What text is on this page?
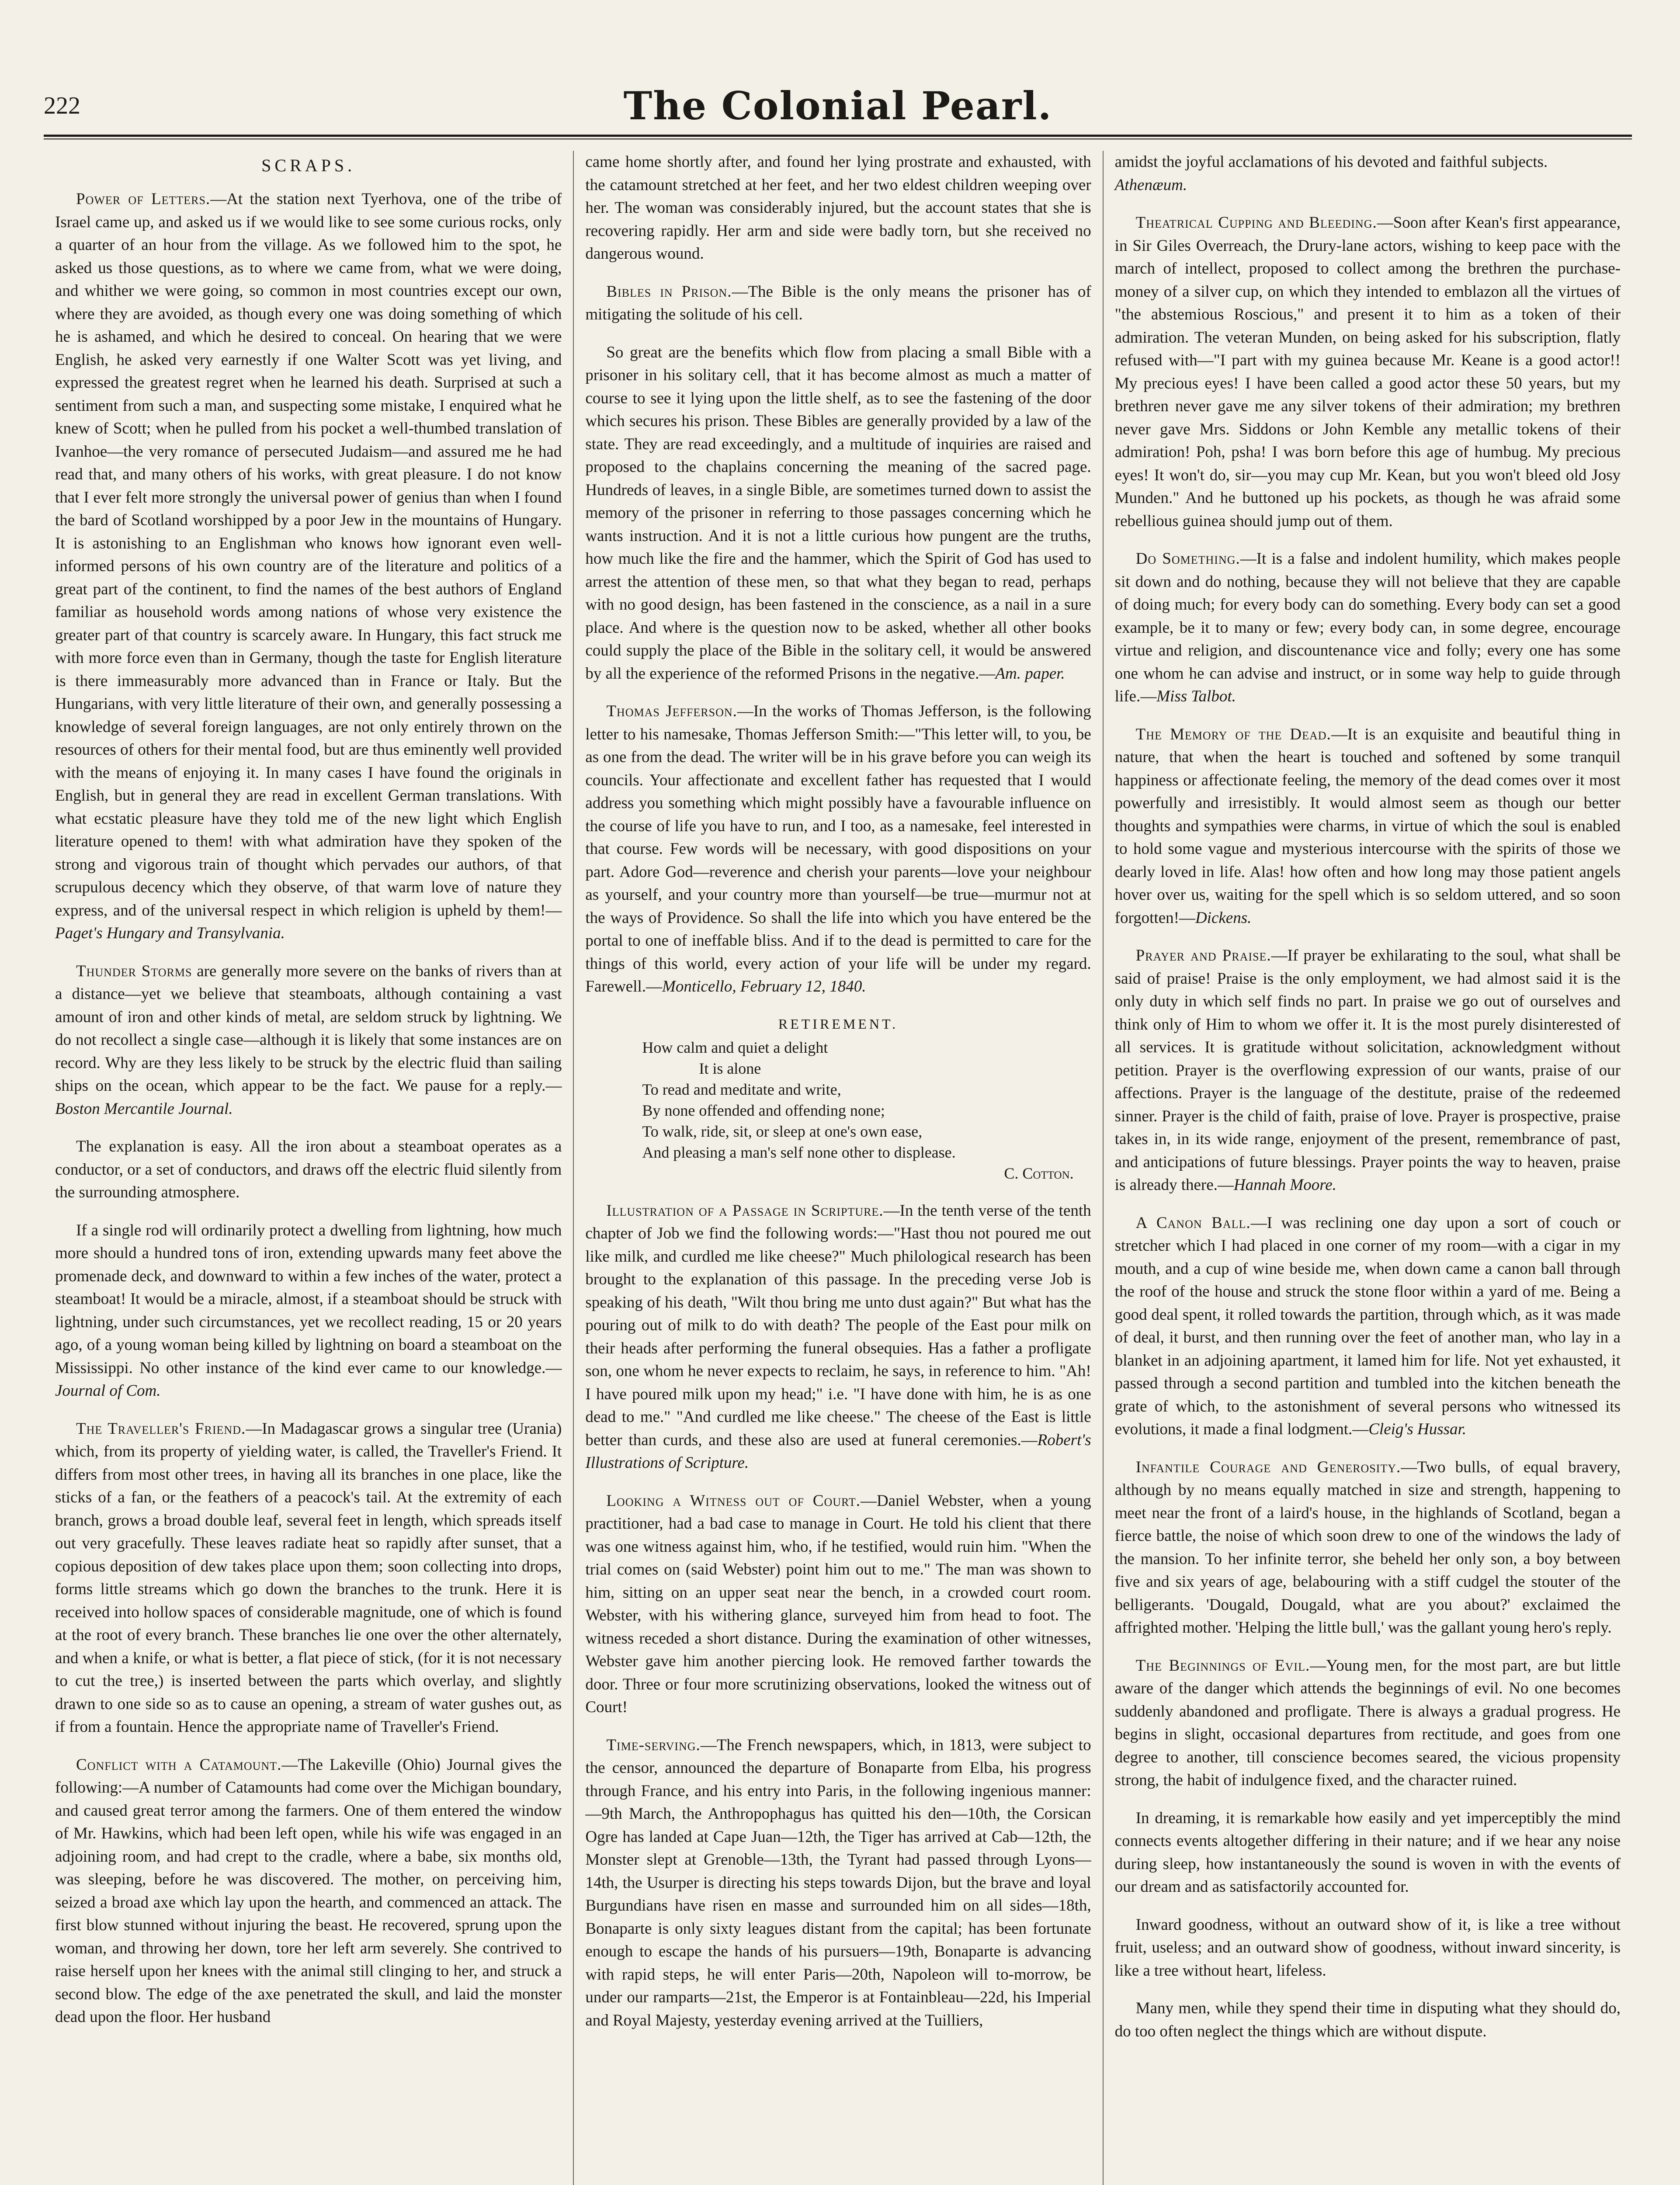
222	The Colonial Pearl.
SCRAPS.

Power of Letters.—At the station next Tyerhova, one of the tribe of Israel came up, and asked us if we would like to see some curious rocks, only a quarter of an hour from the village. As we followed him to the spot, he asked us those questions, as to where we came from, what we were doing, and whither we were going, so common in most countries except our own, where they are avoided, as though every one was doing something of which he is ashamed, and which he desired to conceal. On hearing that we were English, he asked very earnestly if one Walter Scott was yet living, and expressed the greatest regret when he learned his death. Surprised at such a sentiment from such a man, and suspecting some mistake, I enquired what he knew of Scott; when he pulled from his pocket a well-thumbed translation of Ivanhoe—the very romance of persecuted Judaism—and assured me he had read that, and many others of his works, with great pleasure. I do not know that I ever felt more strongly the universal power of genius than when I found the bard of Scotland worshipped by a poor Jew in the mountains of Hungary. It is astonishing to an Englishman who knows how ignorant even well-informed persons of his own country are of the literature and politics of a great part of the continent, to find the names of the best authors of England familiar as household words among nations of whose very existence the greater part of that country is scarcely aware. In Hungary, this fact struck me with more force even than in Germany, though the taste for English literature is there immeasurably more advanced than in France or Italy. But the Hungarians, with very little literature of their own, and generally possessing a knowledge of several foreign languages, are not only entirely thrown on the resources of others for their mental food, but are thus eminently well provided with the means of enjoying it. In many cases I have found the originals in English, but in general they are read in excellent German translations. With what ecstatic pleasure have they told me of the new light which English literature opened to them! with what admiration have they spoken of the strong and vigorous train of thought which pervades our authors, of that scrupulous decency which they observe, of that warm love of nature they express, and of the universal respect in which religion is upheld by them!—Paget's Hungary and Transylvania.

Thunder Storms are generally more severe on the banks of rivers than at a distance—yet we believe that steamboats, although containing a vast amount of iron and other kinds of metal, are seldom struck by lightning. We do not recollect a single case—although it is likely that some instances are on record. Why are they less likely to be struck by the electric fluid than sailing ships on the ocean, which appear to be the fact. We pause for a reply.—Boston Mercantile Journal.

The explanation is easy. All the iron about a steamboat operates as a conductor, or a set of conductors, and draws off the electric fluid silently from the surrounding atmosphere.

If a single rod will ordinarily protect a dwelling from lightning, how much more should a hundred tons of iron, extending upwards many feet above the promenade deck, and downward to within a few inches of the water, protect a steamboat! It would be a miracle, almost, if a steamboat should be struck with lightning, under such circumstances, yet we recollect reading, 15 or 20 years ago, of a young woman being killed by lightning on board a steamboat on the Mississippi. No other instance of the kind ever came to our knowledge.—Journal of Com.

The Traveller's Friend.—In Madagascar grows a singular tree (Urania) which, from its property of yielding water, is called, the Traveller's Friend. It differs from most other trees, in having all its branches in one place, like the sticks of a fan, or the feathers of a peacock's tail. At the extremity of each branch, grows a broad double leaf, several feet in length, which spreads itself out very gracefully. These leaves radiate heat so rapidly after sunset, that a copious deposition of dew takes place upon them; soon collecting into drops, forms little streams which go down the branches to the trunk. Here it is received into hollow spaces of considerable magnitude, one of which is found at the root of every branch. These branches lie one over the other alternately, and when a knife, or what is better, a flat piece of stick, (for it is not necessary to cut the tree,) is inserted between the parts which overlay, and slightly drawn to one side so as to cause an opening, a stream of water gushes out, as if from a fountain. Hence the appropriate name of Traveller's Friend.

Conflict with a Catamount.—The Lakeville (Ohio) Journal gives the following:—A number of Catamounts had come over the Michigan boundary, and caused great terror among the farmers. One of them entered the window of Mr. Hawkins, which had been left open, while his wife was engaged in an adjoining room, and had crept to the cradle, where a babe, six months old, was sleeping, before he was discovered. The mother, on perceiving him, seized a broad axe which lay upon the hearth, and commenced an attack. The first blow stunned without injuring the beast. He recovered, sprung upon the woman, and throwing her down, tore her left arm severely. She contrived to raise herself upon her knees with the animal still clinging to her, and struck a second blow. The edge of the axe penetrated the skull, and laid the monster dead upon the floor. Her husband

came home shortly after, and found her lying prostrate and exhausted, with the catamount stretched at her feet, and her two eldest children weeping over her. The woman was considerably injured, but the account states that she is recovering rapidly. Her arm and side were badly torn, but she received no dangerous wound.

Bibles in Prison.—The Bible is the only means the prisoner has of mitigating the solitude of his cell.

So great are the benefits which flow from placing a small Bible with a prisoner in his solitary cell, that it has become almost as much a matter of course to see it lying upon the little shelf, as to see the fastening of the door which secures his prison. These Bibles are generally provided by a law of the state. They are read exceedingly, and a multitude of inquiries are raised and proposed to the chaplains concerning the meaning of the sacred page. Hundreds of leaves, in a single Bible, are sometimes turned down to assist the memory of the prisoner in referring to those passages concerning which he wants instruction. And it is not a little curious how pungent are the truths, how much like the fire and the hammer, which the Spirit of God has used to arrest the attention of these men, so that what they began to read, perhaps with no good design, has been fastened in the conscience, as a nail in a sure place. And where is the question now to be asked, whether all other books could supply the place of the Bible in the solitary cell, it would be answered by all the experience of the reformed Prisons in the negative.—Am. paper.

Thomas Jefferson.—In the works of Thomas Jefferson, is the following letter to his namesake, Thomas Jefferson Smith:—"This letter will, to you, be as one from the dead. The writer will be in his grave before you can weigh its councils. Your affectionate and excellent father has requested that I would address you something which might possibly have a favourable influence on the course of life you have to run, and I too, as a namesake, feel interested in that course. Few words will be necessary, with good dispositions on your part. Adore God—reverence and cherish your parents—love your neighbour as yourself, and your country more than yourself—be true—murmur not at the ways of Providence. So shall the life into which you have entered be the portal to one of ineffable bliss. And if to the dead is permitted to care for the things of this world, every action of your life will be under my regard. Farewell.—Monticello, February 12, 1840.

RETIREMENT.
How calm and quiet a delight
It is alone
To read and meditate and write,
By none offended and offending none;
To walk, ride, sit, or sleep at one's own ease,
And pleasing a man's self none other to displease.
C. Cotton.

Illustration of a Passage in Scripture.—In the tenth verse of the tenth chapter of Job we find the following words:—"Hast thou not poured me out like milk, and curdled me like cheese?" Much philological research has been brought to the explanation of this passage. In the preceding verse Job is speaking of his death, "Wilt thou bring me unto dust again?" But what has the pouring out of milk to do with death? The people of the East pour milk on their heads after performing the funeral obsequies. Has a father a profligate son, one whom he never expects to reclaim, he says, in reference to him. "Ah! I have poured milk upon my head;" i.e. "I have done with him, he is as one dead to me." "And curdled me like cheese." The cheese of the East is little better than curds, and these also are used at funeral ceremonies.—Robert's Illustrations of Scripture.

Looking a Witness out of Court.—Daniel Webster, when a young practitioner, had a bad case to manage in Court. He told his client that there was one witness against him, who, if he testified, would ruin him. "When the trial comes on (said Webster) point him out to me." The man was shown to him, sitting on an upper seat near the bench, in a crowded court room. Webster, with his withering glance, surveyed him from head to foot. The witness receded a short distance. During the examination of other witnesses, Webster gave him another piercing look. He removed farther towards the door. Three or four more scrutinizing observations, looked the witness out of Court!

Time-serving.—The French newspapers, which, in 1813, were subject to the censor, announced the departure of Bonaparte from Elba, his progress through France, and his entry into Paris, in the following ingenious manner:—9th March, the Anthropophagus has quitted his den—10th, the Corsican Ogre has landed at Cape Juan—12th, the Tiger has arrived at Cab—12th, the Monster slept at Grenoble—13th, the Tyrant had passed through Lyons—14th, the Usurper is directing his steps towards Dijon, but the brave and loyal Burgundians have risen en masse and surrounded him on all sides—18th, Bonaparte is only sixty leagues distant from the capital; has been fortunate enough to escape the hands of his pursuers—19th, Bonaparte is advancing with rapid steps, he will enter Paris—20th, Napoleon will to-morrow, be under our ramparts—21st, the Emperor is at Fontainbleau—22d, his Imperial and Royal Majesty, yesterday evening arrived at the Tuilliers,

amidst the joyful acclamations of his devoted and faithful subjects.
Athenæum.

Theatrical Cupping and Bleeding.—Soon after Kean's first appearance, in Sir Giles Overreach, the Drury-lane actors, wishing to keep pace with the march of intellect, proposed to collect among the brethren the purchase-money of a silver cup, on which they intended to emblazon all the virtues of "the abstemious Roscious," and present it to him as a token of their admiration. The veteran Munden, on being asked for his subscription, flatly refused with—"I part with my guinea because Mr. Keane is a good actor!! My precious eyes! I have been called a good actor these 50 years, but my brethren never gave me any silver tokens of their admiration; my brethren never gave Mrs. Siddons or John Kemble any metallic tokens of their admiration! Poh, psha! I was born before this age of humbug. My precious eyes! It won't do, sir—you may cup Mr. Kean, but you won't bleed old Josy Munden." And he buttoned up his pockets, as though he was afraid some rebellious guinea should jump out of them.

Do Something.—It is a false and indolent humility, which makes people sit down and do nothing, because they will not believe that they are capable of doing much; for every body can do something. Every body can set a good example, be it to many or few; every body can, in some degree, encourage virtue and religion, and discountenance vice and folly; every one has some one whom he can advise and instruct, or in some way help to guide through life.—Miss Talbot.

The Memory of the Dead.—It is an exquisite and beautiful thing in nature, that when the heart is touched and softened by some tranquil happiness or affectionate feeling, the memory of the dead comes over it most powerfully and irresistibly. It would almost seem as though our better thoughts and sympathies were charms, in virtue of which the soul is enabled to hold some vague and mysterious intercourse with the spirits of those we dearly loved in life. Alas! how often and how long may those patient angels hover over us, waiting for the spell which is so seldom uttered, and so soon forgotten!—Dickens.

Prayer and Praise.—If prayer be exhilarating to the soul, what shall be said of praise! Praise is the only employment, we had almost said it is the only duty in which self finds no part. In praise we go out of ourselves and think only of Him to whom we offer it. It is the most purely disinterested of all services. It is gratitude without solicitation, acknowledgment without petition. Prayer is the overflowing expression of our wants, praise of our affections. Prayer is the language of the destitute, praise of the redeemed sinner. Prayer is the child of faith, praise of love. Prayer is prospective, praise takes in, in its wide range, enjoyment of the present, remembrance of past, and anticipations of future blessings. Prayer points the way to heaven, praise is already there.—Hannah Moore.

A Canon Ball.—I was reclining one day upon a sort of couch or stretcher which I had placed in one corner of my room—with a cigar in my mouth, and a cup of wine beside me, when down came a canon ball through the roof of the house and struck the stone floor within a yard of me. Being a good deal spent, it rolled towards the partition, through which, as it was made of deal, it burst, and then running over the feet of another man, who lay in a blanket in an adjoining apartment, it lamed him for life. Not yet exhausted, it passed through a second partition and tumbled into the kitchen beneath the grate of which, to the astonishment of several persons who witnessed its evolutions, it made a final lodgment.—Cleig's Hussar.

Infantile Courage and Generosity.—Two bulls, of equal bravery, although by no means equally matched in size and strength, happening to meet near the front of a laird's house, in the highlands of Scotland, began a fierce battle, the noise of which soon drew to one of the windows the lady of the mansion. To her infinite terror, she beheld her only son, a boy between five and six years of age, belabouring with a stiff cudgel the stouter of the belligerants. 'Dougald, Dougald, what are you about?' exclaimed the affrighted mother. 'Helping the little bull,' was the gallant young hero's reply.

The Beginnings of Evil.—Young men, for the most part, are but little aware of the danger which attends the beginnings of evil. No one becomes suddenly abandoned and profligate. There is always a gradual progress. He begins in slight, occasional departures from rectitude, and goes from one degree to another, till conscience becomes seared, the vicious propensity strong, the habit of indulgence fixed, and the character ruined.

In dreaming, it is remarkable how easily and yet imperceptibly the mind connects events altogether differing in their nature; and if we hear any noise during sleep, how instantaneously the sound is woven in with the events of our dream and as satisfactorily accounted for.

Inward goodness, without an outward show of it, is like a tree without fruit, useless; and an outward show of goodness, without inward sincerity, is like a tree without heart, lifeless.

Many men, while they spend their time in disputing what they should do, do too often neglect the things which are without dispute.
